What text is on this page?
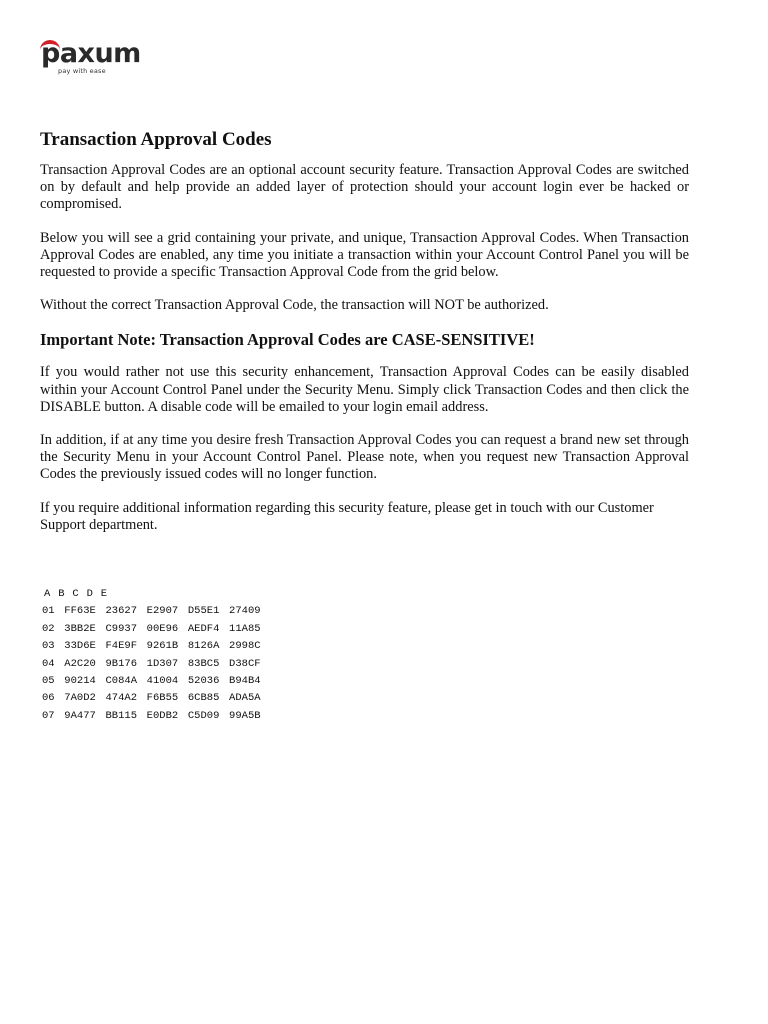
paxum
pay with ease
Transaction Approval Codes

Transaction Approval Codes are an optional account security feature. Transaction Approval Codes are switched on by default and help provide an added layer of protection should your account login ever be hacked or compromised.

Below you will see a grid containing your private, and unique, Transaction Approval Codes. When Transaction Approval Codes are enabled, any time you initiate a transaction within your Account Control Panel you will be requested to provide a specific Transaction Approval Code from the grid below.

Without the correct Transaction Approval Code, the transaction will NOT be authorized.

Important Note: Transaction Approval Codes are CASE-SENSITIVE!

If you would rather not use this security enhancement, Transaction Approval Codes can be easily disabled within your Account Control Panel under the Security Menu. Simply click Transaction Codes and then click the DISABLE button. A disable code will be emailed to your login email address.

In addition, if at any time you desire fresh Transaction Approval Codes you can request a brand new set through the Security Menu in your Account Control Panel. Please note, when you request new Transaction Approval Codes the previously issued codes will no longer function.

If you require additional information regarding this security feature, please get in touch with our Customer Support department.

A B C D E
01 FF63E 23627 E2907 D55E1 27409
02 3BB2E C9937 00E96 AEDF4 11A85
03 33D6E F4E9F 9261B 8126A 2998C
04 A2C20 9B176 1D307 83BC5 D38CF
05 90214 C084A 41004 52036 B94B4
06 7A0D2 474A2 F6B55 6CB85 ADA5A
07 9A477 BB115 E0DB2 C5D09 99A5B
